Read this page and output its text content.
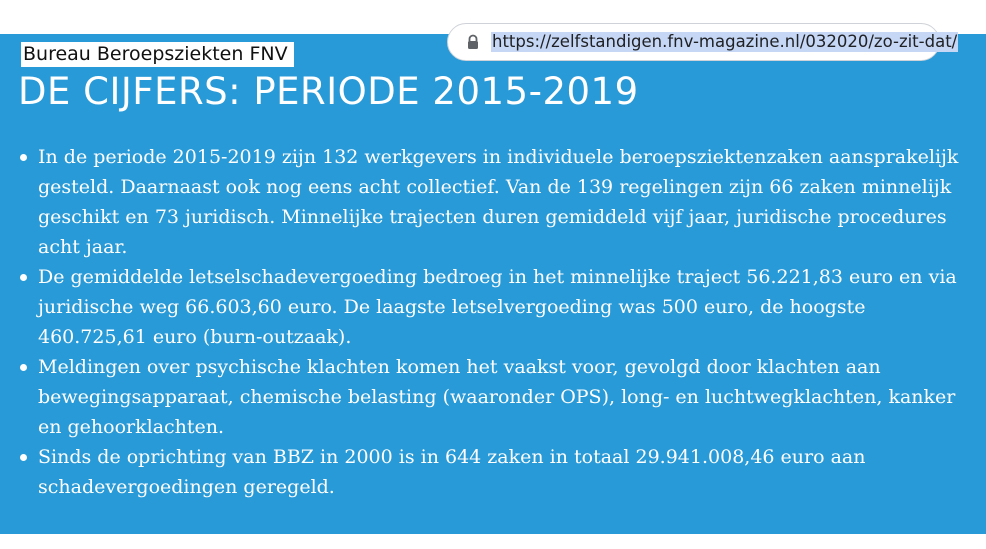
Bureau Beroepsziekten FNV
https://zelfstandigen.fnv-magazine.nl/032020/zo-zit-dat/
DE CIJFERS: PERIODE 2015-2019
In de periode 2015-2019 zijn 132 werkgevers in individuele beroepsziektenzaken aansprakelijk gesteld. Daarnaast ook nog eens acht collectief. Van de 139 regelingen zijn 66 zaken minnelijk geschikt en 73 juridisch. Minnelijke trajecten duren gemiddeld vijf jaar, juridische procedures acht jaar.
De gemiddelde letselschadevergoeding bedroeg in het minnelijke traject 56.221,83 euro en via juridische weg 66.603,60 euro. De laagste letselvergoeding was 500 euro, de hoogste 460.725,61 euro (burn-outzaak).
Meldingen over psychische klachten komen het vaakst voor, gevolgd door klachten aan bewegingsapparaat, chemische belasting (waaronder OPS), long- en luchtwegklachten, kanker en gehoorklachten.
Sinds de oprichting van BBZ in 2000 is in 644 zaken in totaal 29.941.008,46 euro aan schadevergoedingen geregeld.
